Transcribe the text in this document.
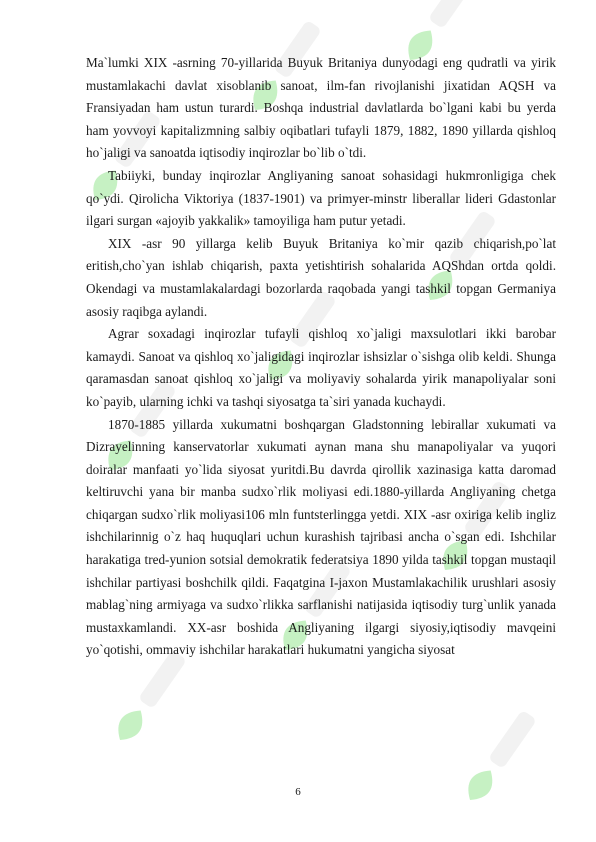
Ma`lumki XIX -asrning 70-yillarida Buyuk Britaniya dunyodagi eng qudratli va yirik mustamlakachi davlat xisoblanib sanoat, ilm-fan rivojlanishi jixatidan AQSH va Fransiyadan ham ustun turardi. Boshqa industrial davlatlarda bo`lgani kabi bu yerda ham yovvoyi kapitalizmning salbiy oqibatlari tufayli 1879, 1882, 1890 yillarda qishloq ho`jaligi va sanoatda iqtisodiy inqirozlar bo`lib o`tdi.

Tabiiyki, bunday inqirozlar Angliyaning sanoat sohasidagi hukmronligiga chek qo`ydi. Qirolicha Viktoriya (1837-1901) va primyer-minstr liberallar lideri Gdastonlar ilgari surgan «ajoyib yakkalik» tamoyiliga ham putur yetadi.

XIX -asr 90 yillarga kelib Buyuk Britaniya ko`mir qazib chiqarish,po`lat eritish,cho`yan ishlab chiqarish, paxta yetishtirish sohalarida AQShdan ortda qoldi. Okendagi va mustamlakalardagi bozorlarda raqobada yangi tashkil topgan Germaniya asosiy raqibga aylandi.

Agrar soxadagi inqirozlar tufayli qishloq xo`jaligi maxsulotlari ikki barobar kamaydi. Sanoat va qishloq xo`jaligidagi inqirozlar ishsizlar o`sishga olib keldi. Shunga qaramasdan sanoat qishloq xo`jaligi va moliyaviy sohalarda yirik manapoliyalar soni ko`payib, ularning ichki va tashqi siyosatga ta`siri yanada kuchaydi.

1870-1885 yillarda xukumatni boshqargan Gladstonning lebirallar xukumati va Dizrayelinning kanservatorlar xukumati aynan mana shu manapoliyalar va yuqori doiralar manfaati yo`lida siyosat yuritdi.Bu davrda qirollik xazinasiga katta daromad keltiruvchi yana bir manba sudxo`rlik moliyasi edi.1880-yillarda Angliyaning chetga chiqargan sudxo`rlik moliyasi106 mln funtsterlingga yetdi. XIX -asr oxiriga kelib ingliz ishchilarinnig o`z haq huquqlari uchun kurashish tajribasi ancha o`sgan edi. Ishchilar harakatiga tred-yunion sotsial demokratik federatsiya 1890 yilda tashkil topgan mustaqil ishchilar partiyasi boshchilk qildi. Faqatgina I-jaxon Mustamlakachilik urushlari asosiy mablag`ning armiyaga va sudxo`rlikka sarflanishi natijasida iqtisodiy turg`unlik yanada mustaxkamlandi. XX-asr boshida Angliyaning ilgargi siyosiy,iqtisodiy mavqeini yo`qotishi, ommaviy ishchilar harakatlari hukumatni yangicha siyosat

6
